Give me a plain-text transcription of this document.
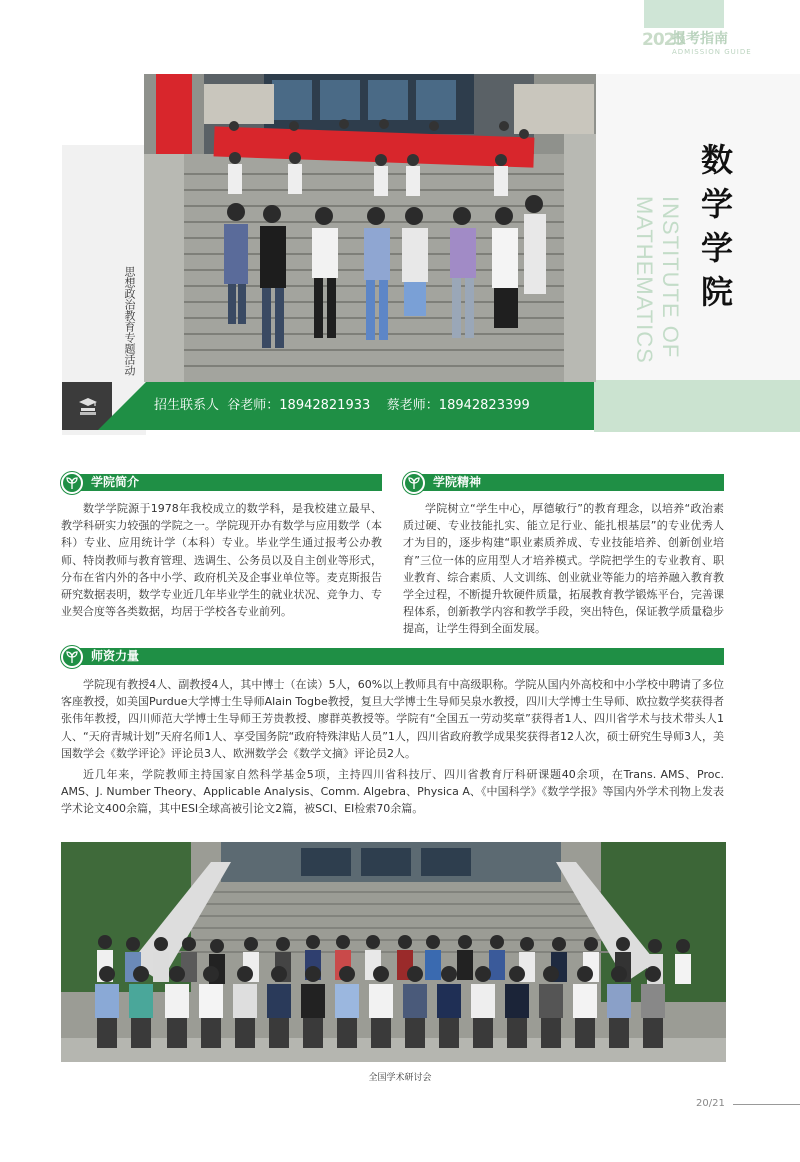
2025
报考指南
ADMISSION GUIDE
思想政治教育专题活动
数学学院
INSTITUTE OF MATHEMATICS
招生联系人 谷老师：18942821933 蔡老师：18942823399
学院简介
数学学院源于1978年我校成立的数学科，是我校建立最早、教学科研实力较强的学院之一。学院现开办有数学与应用数学（本科）专业、应用统计学（本科）专业。毕业学生通过报考公办教师、特岗教师与教育管理、选调生、公务员以及自主创业等形式，分布在省内外的各中小学、政府机关及企事业单位等。麦克斯报告研究数据表明，数学专业近几年毕业学生的就业状况、竞争力、专业契合度等各类数据，均居于学校各专业前列。
学院精神
学院树立“学生中心，厚德敏行”的教育理念，以培养“政治素质过硬、专业技能扎实、能立足行业、能扎根基层”的专业优秀人才为目的，逐步构建“职业素质养成、专业技能培养、创新创业培育”三位一体的应用型人才培养模式。学院把学生的专业教育、职业教育、综合素质、人文训练、创业就业等能力的培养融入教育教学全过程，不断提升软硬件质量，拓展教育教学锻炼平台，完善课程体系，创新教学内容和教学手段，突出特色，保证教学质量稳步提高，让学生得到全面发展。
师资力量
学院现有教授4人、副教授4人，其中博士（在读）5人，60%以上教师具有中高级职称。学院从国内外高校和中小学校中聘请了多位客座教授，如美国Purdue大学博士生导师Alain Togbe教授，复旦大学博士生导师吴泉水教授，四川大学博士生导师、欧拉数学奖获得者张伟年教授，四川师范大学博士生导师王芳贵教授、廖群英教授等。学院有“全国五一劳动奖章”获得者1人、四川省学术与技术带头人1人、“天府青城计划”天府名师1人、享受国务院“政府特殊津贴人员”1人，四川省政府教学成果奖获得者12人次，硕士研究生导师3人，美国数学会《数学评论》评论员3人、欧洲数学会《数学文摘》评论员2人。
近几年来，学院教师主持国家自然科学基金5项，主持四川省科技厅、四川省教育厅科研课题40余项，在Trans. AMS、Proc. AMS、J. Number Theory、Applicable Analysis、Comm. Algebra、Physica A、《中国科学》《数学学报》等国内外学术刊物上发表学术论文400余篇，其中ESI全球高被引论文2篇，被SCI、EI检索70余篇。
全国学术研讨会
20/21
